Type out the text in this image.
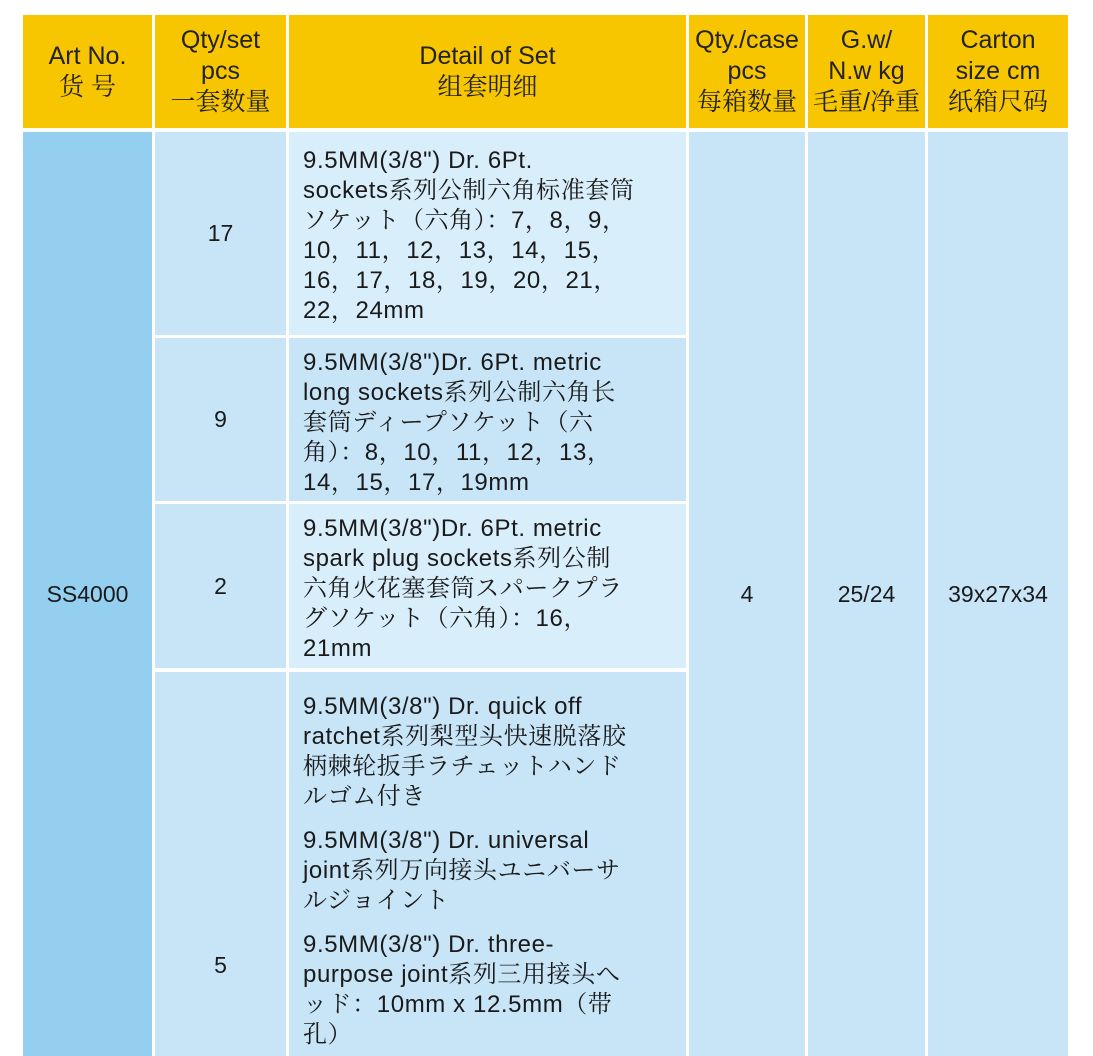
Art No.
货 号
Qty/set
pcs
一套数量
Detail of Set
组套明细
Qty./case
pcs
每箱数量
G.w/
N.w kg
毛重/净重
Carton
size cm
纸箱尺码
SS4000	4	25/24 39x27x34
17

9.5MM(3/8") Dr. 6Pt.
sockets系列公制六角标准套筒
ソケット（六角）：7，8，9，
10，11，12，13，14，15，
16，17，18，19，20，21，
22，24mm

9

9.5MM(3/8")Dr. 6Pt. metric
long sockets系列公制六角长
套筒ディープソケット（六
角）：8，10，11，12，13，
14，15，17，19mm

2

9.5MM(3/8")Dr. 6Pt. metric
spark plug sockets系列公制
六角火花塞套筒スパークプラ
グソケット（六角）：16，
21mm

5

9.5MM(3/8") Dr. quick off
ratchet系列梨型头快速脱落胶
柄棘轮扳手ラチェットハンド
ルゴム付き

9.5MM(3/8") Dr. universal
joint系列万向接头ユニバーサ
ルジョイント

9.5MM(3/8") Dr. three-
purpose joint系列三用接头へ
ッド：10mm x 12.5mm（带
孔）
